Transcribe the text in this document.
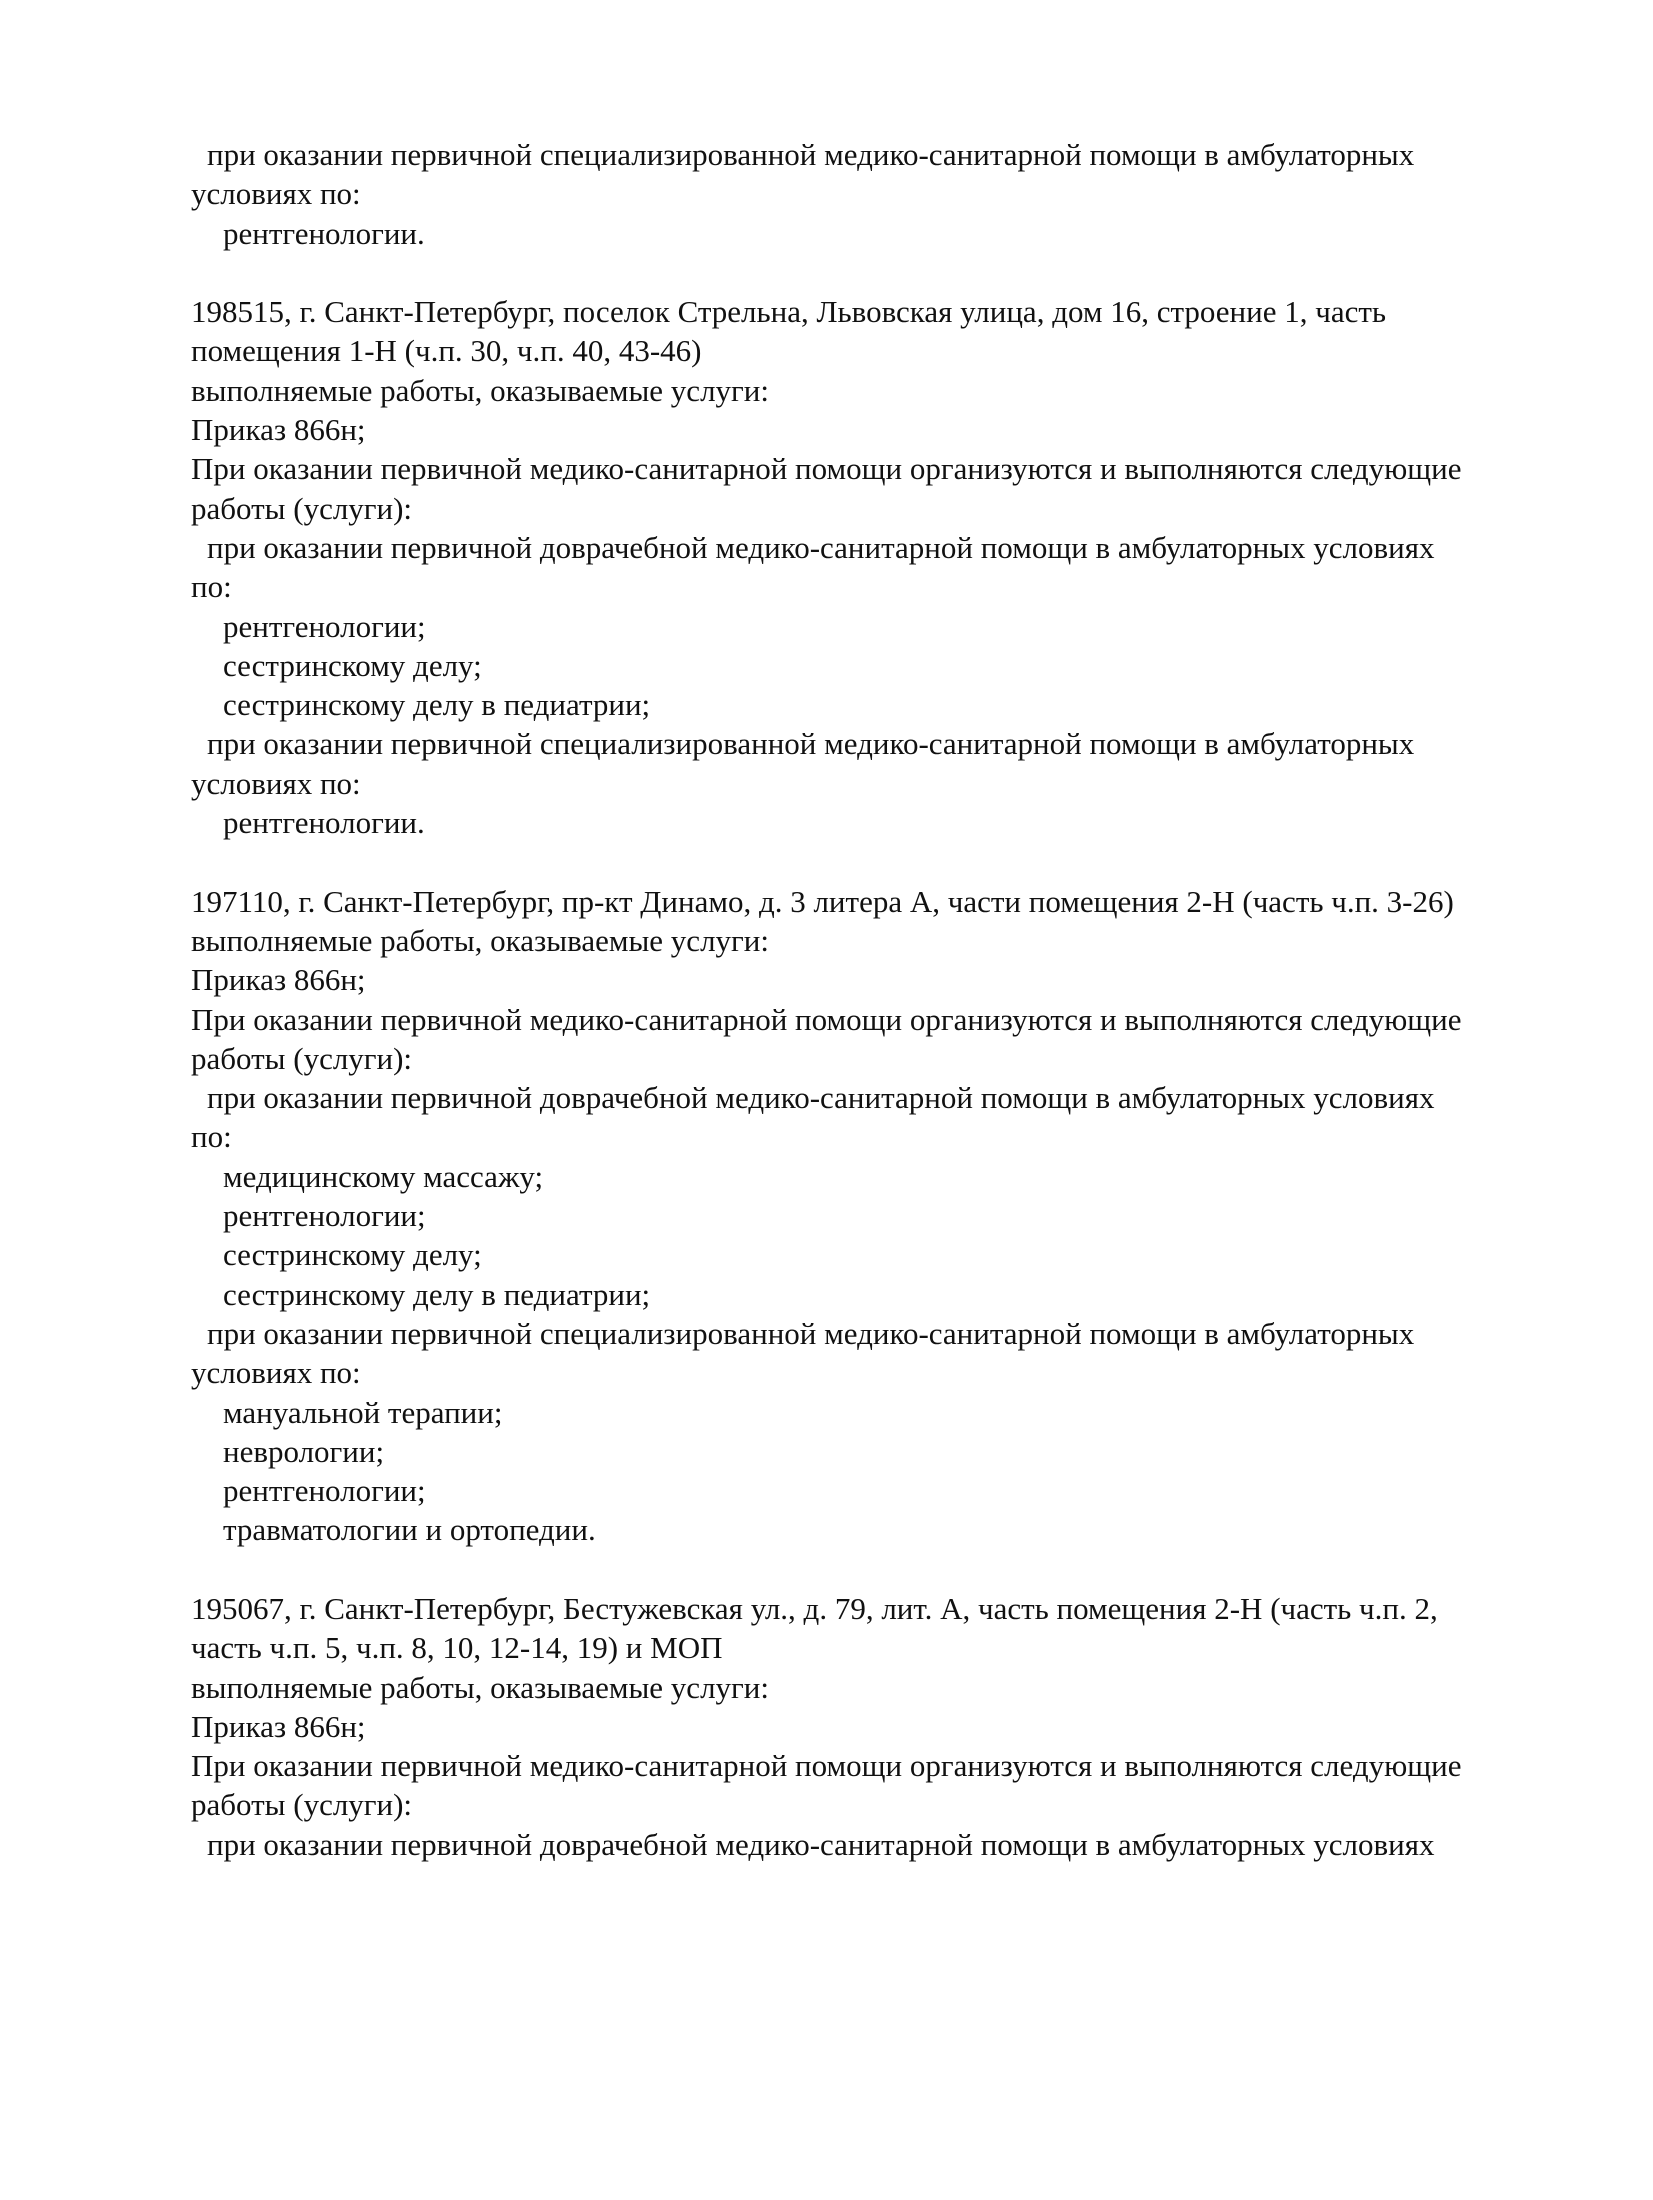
при оказании первичной специализированной медико-санитарной помощи в амбулаторных
условиях по:
рентгенологии.
198515, г. Санкт-Петербург, поселок Стрельна, Львовская улица, дом 16, строение 1, часть
помещения 1-Н (ч.п. 30, ч.п. 40, 43-46)
выполняемые работы, оказываемые услуги:
Приказ 866н;
При оказании первичной медико-санитарной помощи организуются и выполняются следующие
работы (услуги):
при оказании первичной доврачебной медико-санитарной помощи в амбулаторных условиях
по:
рентгенологии;
сестринскому делу;
сестринскому делу в педиатрии;
при оказании первичной специализированной медико-санитарной помощи в амбулаторных
условиях по:
рентгенологии.
197110, г. Санкт-Петербург, пр-кт Динамо, д. 3 литера А, части помещения 2-Н (часть ч.п. 3-26)
выполняемые работы, оказываемые услуги:
Приказ 866н;
При оказании первичной медико-санитарной помощи организуются и выполняются следующие
работы (услуги):
при оказании первичной доврачебной медико-санитарной помощи в амбулаторных условиях
по:
медицинскому массажу;
рентгенологии;
сестринскому делу;
сестринскому делу в педиатрии;
при оказании первичной специализированной медико-санитарной помощи в амбулаторных
условиях по:
мануальной терапии;
неврологии;
рентгенологии;
травматологии и ортопедии.
195067, г. Санкт-Петербург, Бестужевская ул., д. 79, лит. А, часть помещения 2-Н (часть ч.п. 2,
часть ч.п. 5, ч.п. 8, 10, 12-14, 19) и МОП
выполняемые работы, оказываемые услуги:
Приказ 866н;
При оказании первичной медико-санитарной помощи организуются и выполняются следующие
работы (услуги):
при оказании первичной доврачебной медико-санитарной помощи в амбулаторных условиях
